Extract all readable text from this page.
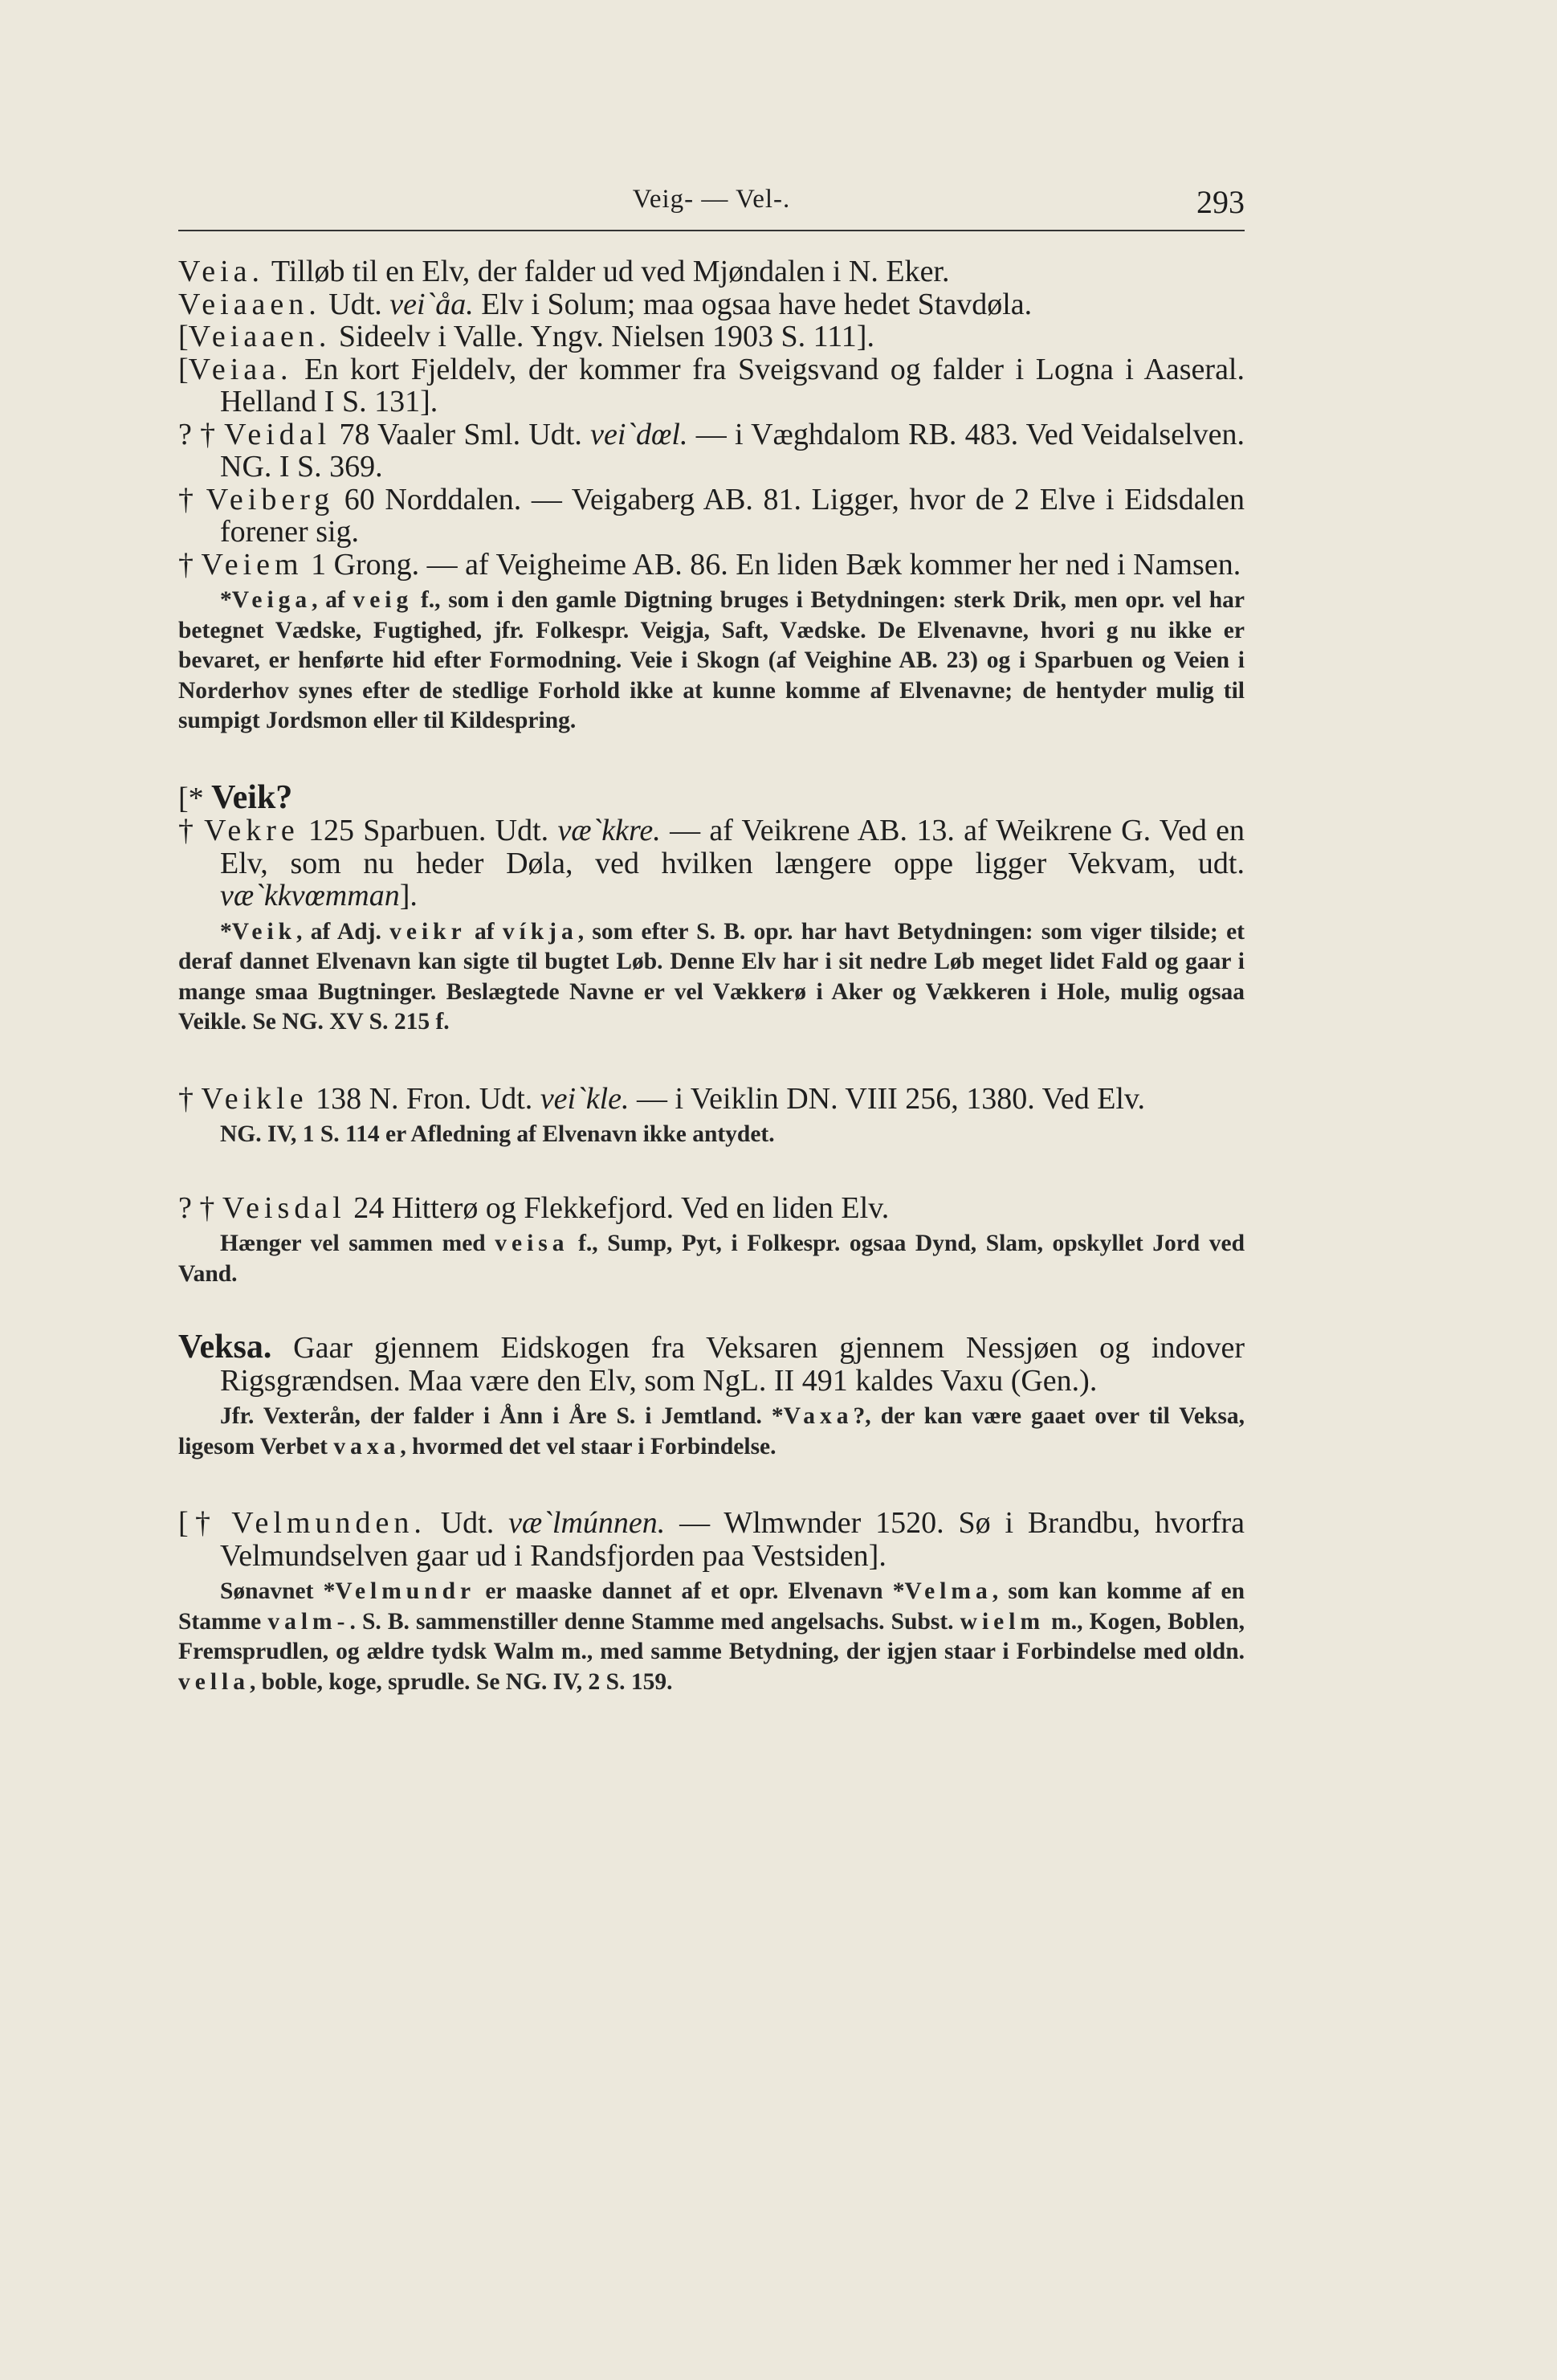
Veig- — Vel-.	293

Veia. Tilløb til en Elv, der falder ud ved Mjøndalen i N. Eker.

Veiaaen. Udt. vei`åa. Elv i Solum; maa ogsaa have hedet Stavdøla.

[Veiaaen. Sideelv i Valle. Yngv. Nielsen 1903 S. 111].

[Veiaa. En kort Fjeldelv, der kommer fra Sveigsvand og falder i Logna i Aaseral. Helland I S. 131].

? † Veidal 78 Vaaler Sml. Udt. vei`dœl. — i Væghdalom RB. 483. Ved Veidalselven. NG. I S. 369.

† Veiberg 60 Norddalen. — Veigaberg AB. 81. Ligger, hvor de 2 Elve i Eidsdalen forener sig.

† Veiem 1 Grong. — af Veigheime AB. 86. En liden Bæk kommer her ned i Namsen.

*Veiga, af veig f., som i den gamle Digtning bruges i Betydningen: sterk Drik, men opr. vel har betegnet Vædske, Fugtighed, jfr. Folkespr. Veigja, Saft, Vædske. De Elvenavne, hvori g nu ikke er bevaret, er henførte hid efter Formodning. Veie i Skogn (af Veighine AB. 23) og i Sparbuen og Veien i Norderhov synes efter de stedlige Forhold ikke at kunne komme af Elvenavne; de hentyder mulig til sumpigt Jordsmon eller til Kildespring.

[* Veik?

† Vekre 125 Sparbuen. Udt. væ`kkre. — af Veikrene AB. 13. af Weikrene G. Ved en Elv, som nu heder Døla, ved hvilken længere oppe ligger Vekvam, udt. væ`kkvœmman].

*Veik, af Adj. veikr af víkja, som efter S. B. opr. har havt Betydningen: som viger tilside; et deraf dannet Elvenavn kan sigte til bugtet Løb. Denne Elv har i sit nedre Løb meget lidet Fald og gaar i mange smaa Bugtninger. Beslægtede Navne er vel Vækkerø i Aker og Vækkeren i Hole, mulig ogsaa Veikle. Se NG. XV S. 215 f.

† Veikle 138 N. Fron. Udt. vei`kle. — i Veiklin DN. VIII 256, 1380. Ved Elv.

NG. IV, 1 S. 114 er Afledning af Elvenavn ikke antydet.

? † Veisdal 24 Hitterø og Flekkefjord. Ved en liden Elv.

Hænger vel sammen med veisa f., Sump, Pyt, i Folkespr. ogsaa Dynd, Slam, opskyllet Jord ved Vand.

Veksa. Gaar gjennem Eidskogen fra Veksaren gjennem Nessjøen og indover Rigsgrændsen. Maa være den Elv, som NgL. II 491 kaldes Vaxu (Gen.).

Jfr. Vexterån, der falder i Ånn i Åre S. i Jemtland. *Vaxa?, der kan være gaaet over til Veksa, ligesom Verbet vaxa, hvormed det vel staar i Forbindelse.

[† Velmunden. Udt. væ`lmúnnen. — Wlmwnder 1520. Sø i Brandbu, hvorfra Velmundselven gaar ud i Randsfjorden paa Vestsiden].

Sønavnet *Velmundr er maaske dannet af et opr. Elvenavn *Velma, som kan komme af en Stamme valm-. S. B. sammenstiller denne Stamme med angelsachs. Subst. wielm m., Kogen, Boblen, Fremsprudlen, og ældre tydsk Walm m., med samme Betydning, der igjen staar i Forbindelse med oldn. vella, boble, koge, sprudle. Se NG. IV, 2 S. 159.
